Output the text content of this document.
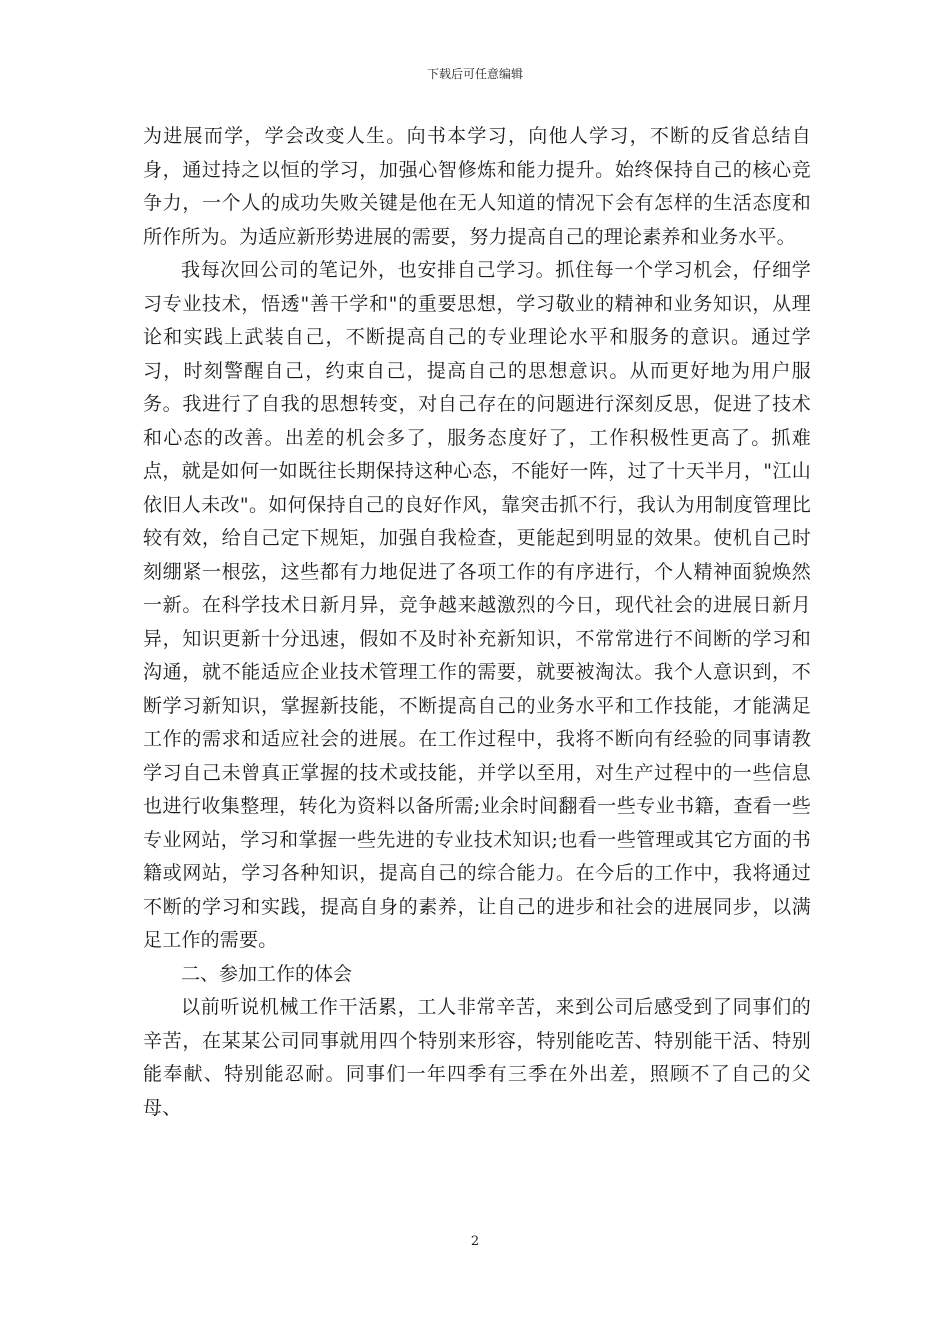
下载后可任意编辑

为进展而学，学会改变人生。向书本学习，向他人学习，不断的反省总结自身，通过持之以恒的学习，加强心智修炼和能力提升。始终保持自己的核心竞争力，一个人的成功失败关键是他在无人知道的情况下会有怎样的生活态度和所作所为。为适应新形势进展的需要，努力提高自己的理论素养和业务水平。

我每次回公司的笔记外，也安排自己学习。抓住每一个学习机会，仔细学习专业技术，悟透"善干学和"的重要思想，学习敬业的精神和业务知识，从理论和实践上武装自己，不断提高自己的专业理论水平和服务的意识。通过学习，时刻警醒自己，约束自己，提高自己的思想意识。从而更好地为用户服务。我进行了自我的思想转变，对自己存在的问题进行深刻反思，促进了技术和心态的改善。出差的机会多了，服务态度好了，工作积极性更高了。抓难点，就是如何一如既往长期保持这种心态，不能好一阵，过了十天半月，"江山依旧人未改"。如何保持自己的良好作风，靠突击抓不行，我认为用制度管理比较有效，给自己定下规矩，加强自我检查，更能起到明显的效果。使机自己时刻绷紧一根弦，这些都有力地促进了各项工作的有序进行，个人精神面貌焕然一新。在科学技术日新月异，竞争越来越激烈的今日，现代社会的进展日新月异，知识更新十分迅速，假如不及时补充新知识，不常常进行不间断的学习和沟通，就不能适应企业技术管理工作的需要，就要被淘汰。我个人意识到，不断学习新知识，掌握新技能，不断提高自己的业务水平和工作技能，才能满足工作的需求和适应社会的进展。在工作过程中，我将不断向有经验的同事请教学习自己未曾真正掌握的技术或技能，并学以至用，对生产过程中的一些信息也进行收集整理，转化为资料以备所需;业余时间翻看一些专业书籍，查看一些专业网站，学习和掌握一些先进的专业技术知识;也看一些管理或其它方面的书籍或网站，学习各种知识，提高自己的综合能力。在今后的工作中，我将通过不断的学习和实践，提高自身的素养，让自己的进步和社会的进展同步，以满足工作的需要。

二、参加工作的体会

以前听说机械工作干活累，工人非常辛苦，来到公司后感受到了同事们的辛苦，在某某公司同事就用四个特别来形容，特别能吃苦、特别能干活、特别能奉献、特别能忍耐。同事们一年四季有三季在外出差，照顾不了自己的父母、

2
